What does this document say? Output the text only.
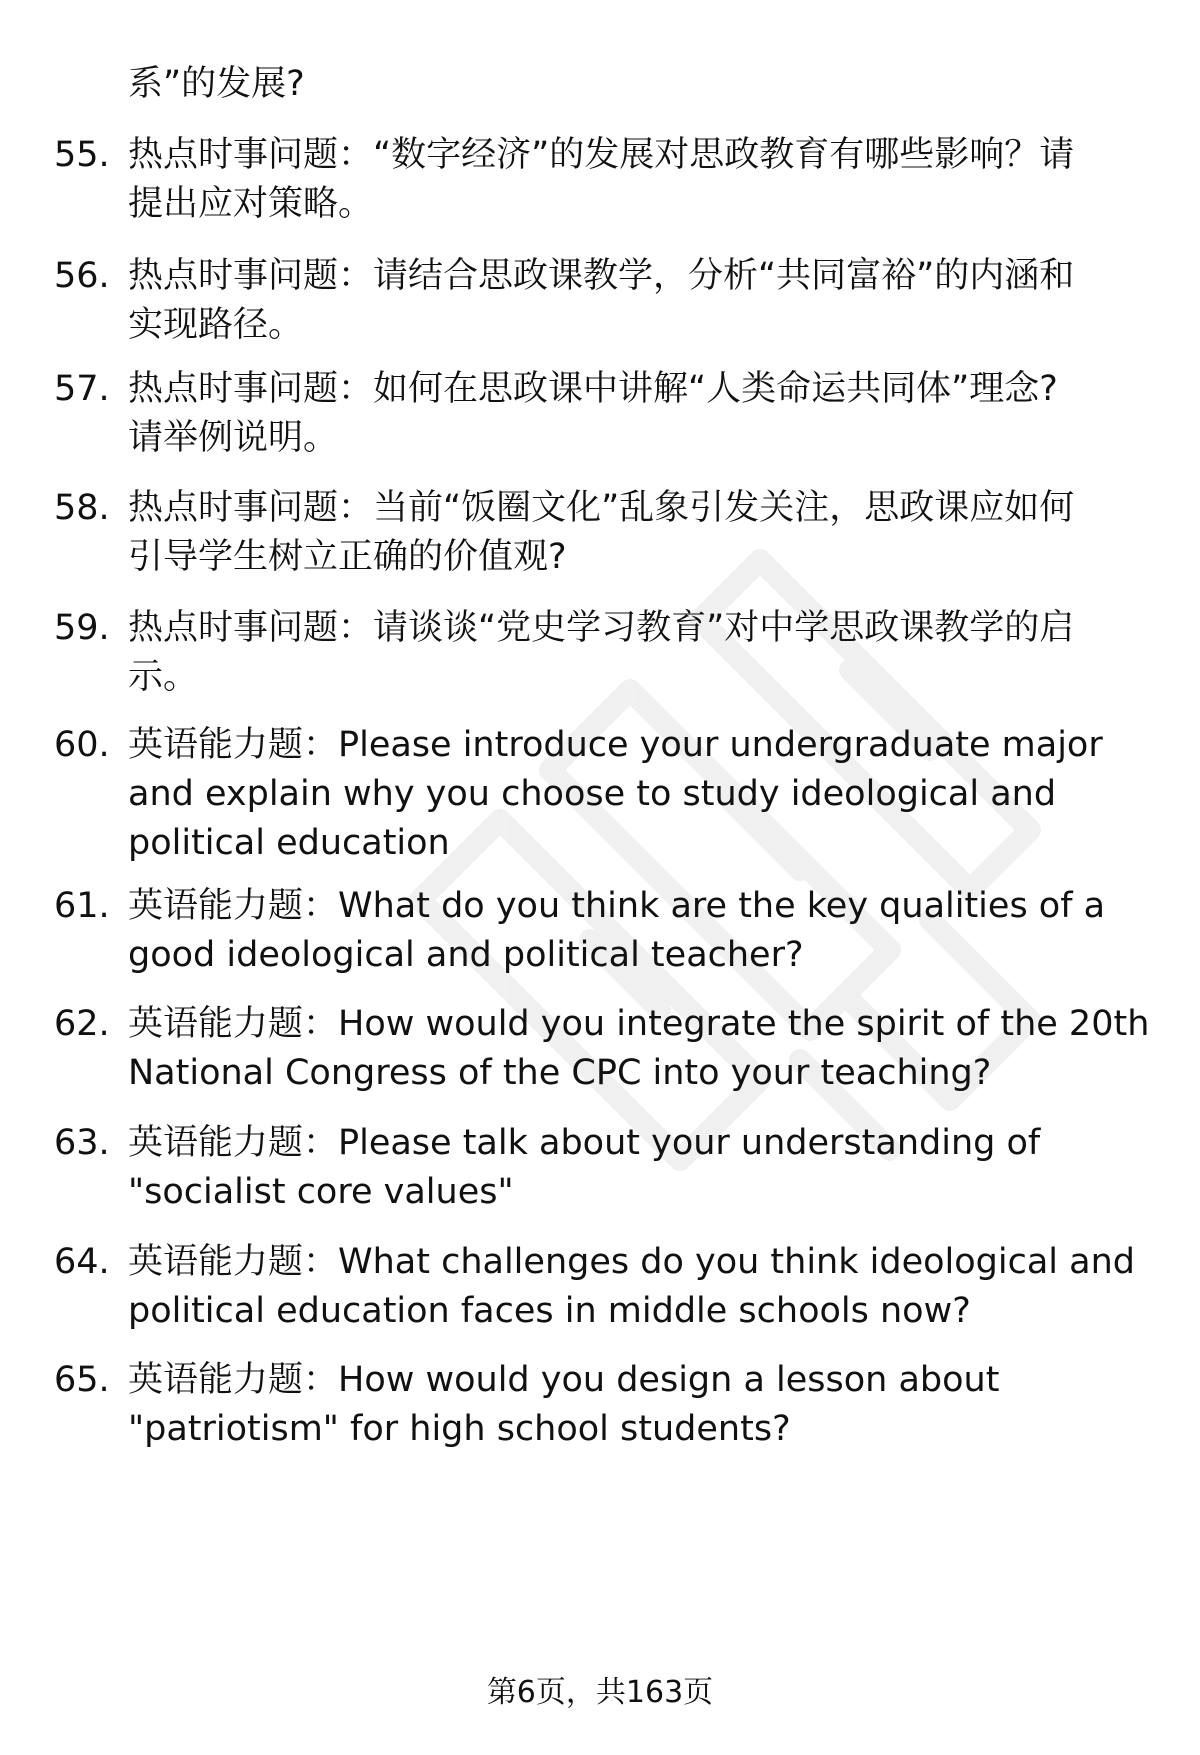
系”的发展?
55. 热点时事问题：“数字经济”的发展对思政教育有哪些影响？请
提出应对策略。
56. 热点时事问题：请结合思政课教学，分析“共同富裕”的内涵和
实现路径。
57. 热点时事问题：如何在思政课中讲解“人类命运共同体”理念?
请举例说明。
58. 热点时事问题：当前“饭圈文化”乱象引发关注，思政课应如何
引导学生树立正确的价值观?
59. 热点时事问题：请谈谈“党史学习教育”对中学思政课教学的启
示。
60. 英语能力题：Please introduce your undergraduate major
and explain why you choose to study ideological and
political education
61. 英语能力题：What do you think are the key qualities of a
good ideological and political teacher?
62. 英语能力题：How would you integrate the spirit of the 20th
National Congress of the CPC into your teaching?
63. 英语能力题：Please talk about your understanding of
"socialist core values"
64. 英语能力题：What challenges do you think ideological and
political education faces in middle schools now?
65. 英语能力题：How would you design a lesson about
"patriotism" for high school students?
第6页，共163页
